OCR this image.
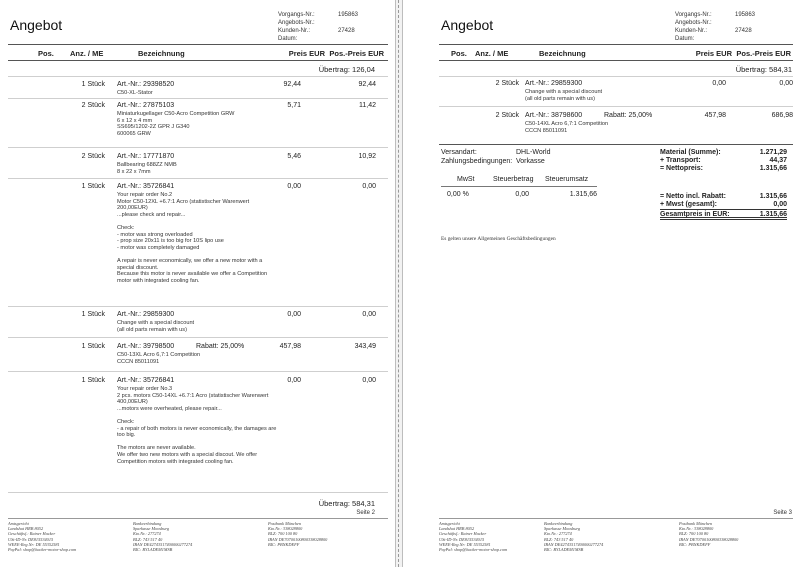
Angebot
Vorgangs-Nr.:	195863
Angebots-Nr.:
Kunden-Nr.:	27428
Datum:
Pos. Anz. / ME	Bezeichnung	Preis EUR Pos.-Preis EUR
Übertrag: 126,04
1 Stück Art.-Nr.: 29398520	92,44	92,44
C50-XL-Stator
2 Stück Art.-Nr.: 27875103	5,71	11,42
Miniaturkugellager C50-Acro Competition GRW
6 x 12 x 4 mm
SS695/1202-2Z GPR J G340
600065 GRW
2 Stück Art.-Nr.: 17771870	5,46	10,92
Ballbearing 688ZZ NMB
8 x 22 x 7mm
1 Stück Art.-Nr.: 35726841	0,00	0,00
Your repair order No.2
Motor C50-12XL +6.7:1 Acro (statistischer Warenwert
200,00EUR)
...please check and repair...
Check:
- motor was strong overloaded
- prop size 20x11 is too big for 10S lipo use
- motor was completely damaged
A repair is never economically, we offer a new motor with a
special discount.
Because this motor is never available we offer a Competition
motor with integrated cooling fan.
1 Stück Art.-Nr.: 29859300	0,00	0,00
Change with a special discount
(all old parts remain with us)
1 Stück Art.-Nr.: 39798500	Rabatt: 25,00%	457,98	343,49
C50-13XL Acro 6,7:1 Competition
CCCN 85011091
1 Stück Art.-Nr.: 35726841	0,00	0,00
Your repair order No.3
2 pcs. motors C50-14XL +6.7:1 Acro (statistischer Warenwert
400,00EUR)
...motors were overheated, please repair...
Check:
- a repair of both motors is never economically, the damages are
too big.
The motors are never available.
We offer two new motors with a special discout. We offer
Competition motors with integrated cooling fan.
Übertrag: 584,31
Seite 2
Amtsgericht
Landshut HRB 8052
Geschäftsf.: Rainer Hacker
USt-ID-Nr. DE815534015
WEEE-Reg.Nr: DE 55352581
PayPal: shop@hacker-motor-shop.com
Bankverbindung
Sparkasse Moosburg
Kto.Nr.: 277274
BLZ: 743 517 40
IBAN DE42743517400000277274
BIC: BYLADEM1MSB
Postbank München
Kto.Nr.: 338028800
BLZ: 700 100 80
IBAN DE70700100800338028800
BIC: PBNKDEFF
Angebot
Vorgangs-Nr.:	195863
Angebots-Nr.:
Kunden-Nr.:	27428
Datum:
Pos. Anz. / ME	Bezeichnung	Preis EUR Pos.-Preis EUR
Übertrag: 584,31
2 Stück Art.-Nr.: 29859300	0,00	0,00
Change with a special discount
(all old parts remain with us)
2 Stück Art.-Nr.: 38798600	Rabatt: 25,00%	457,98	686,98
C50-14XL Acro 6,7:1 Competition
CCCN 85011091
Versandart:	DHL-World
Zahlungsbedingungen: Vorkasse
MwSt	Steuerbetrag Steuerumsatz
0,00 %	0,00	1.315,66
Material (Summe):	1.271,29
+ Transport:	44,37
= Nettopreis:	1.315,66
= Netto incl. Rabatt:	1.315,66
+ Mwst (gesamt):	0,00
Gesamtpreis in EUR:	1.315,66
Es gelten unsere Allgemeinen Geschäftsbedingungen
Seite 3
Amtsgericht
Landshut HRB 8052
Geschäftsf.: Rainer Hacker
USt-ID-Nr. DE815534015
WEEE-Reg.Nr: DE 55352581
PayPal: shop@hacker-motor-shop.com
Bankverbindung
Sparkasse Moosburg
Kto.Nr.: 277274
BLZ: 743 517 40
IBAN DE42743517400000277274
BIC: BYLADEM1MSB
Postbank München
Kto.Nr.: 338028800
BLZ: 700 100 80
IBAN DE70700100800338028800
BIC: PBNKDEFF
